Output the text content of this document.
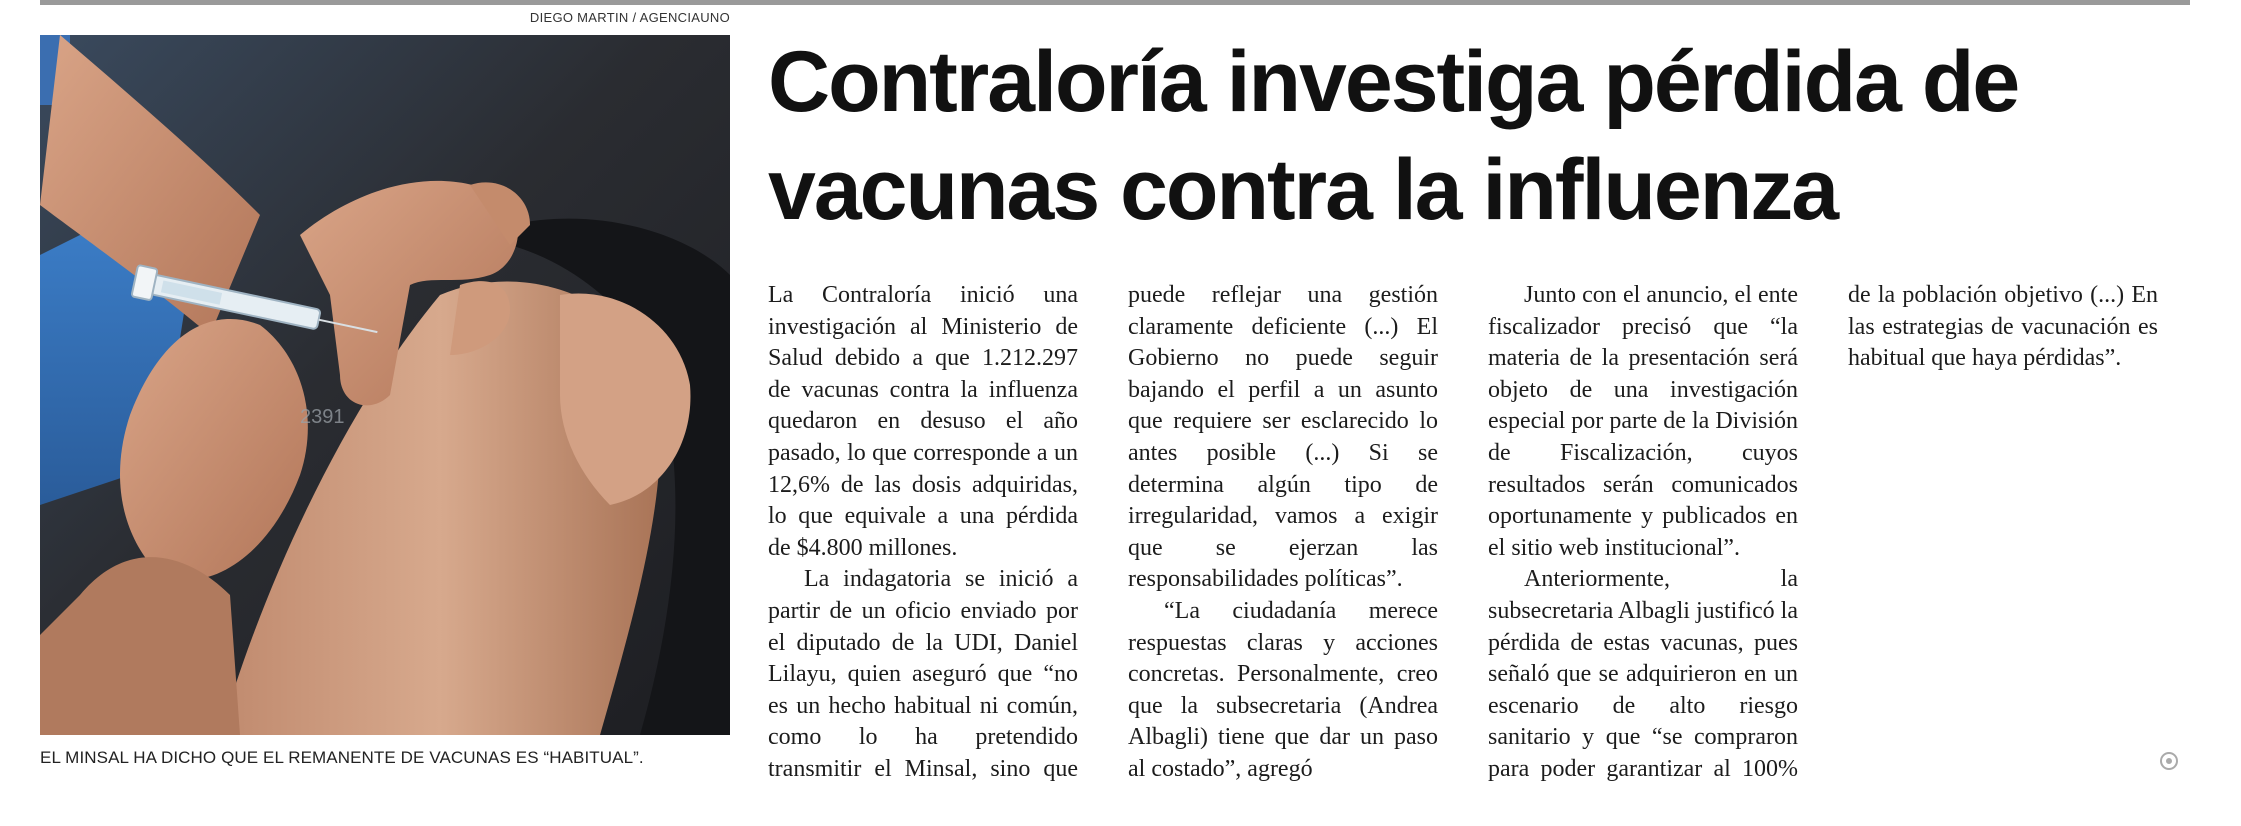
DIEGO MARTIN / AGENCIAUNO
2391
EL MINSAL HA DICHO QUE EL REMANENTE DE VACUNAS ES “HABITUAL”.
Contraloría investiga pérdida de vacunas contra la influenza

La Contraloría inició una investigación al Ministerio de Salud debido a que 1.212.297 de vacunas contra la influenza quedaron en desuso el año pasado, lo que corresponde a un 12,6% de las dosis adquiridas, lo que equivale a una pérdida de $4.800 millones.

La indagatoria se inició a partir de un oficio enviado por el diputado de la UDI, Daniel Lilayu, quien aseguró que “no es un hecho habitual ni común, como lo ha pretendido transmitir el Minsal, sino que puede reflejar una gestión claramente deficiente (...) El Gobierno no puede seguir bajando el perfil a un asunto que requiere ser esclarecido lo antes posible (...) Si se determina algún tipo de irregularidad, vamos a exigir que se ejerzan las responsabilidades políticas”.

“La ciudadanía merece respuestas claras y acciones concretas. Personalmente, creo que la subsecretaria (Andrea Albagli) tiene que dar un paso al costado”, agregó

Junto con el anuncio, el ente fiscalizador precisó que “la materia de la presentación será objeto de una investigación especial por parte de la División de Fiscalización, cuyos resultados serán comunicados oportunamente y publicados en el sitio web institucional”.

Anteriormente, la subsecretaria Albagli justificó la pérdida de estas vacunas, pues señaló que se adquirieron en un escenario de alto riesgo sanitario y que “se compraron para poder garantizar al 100% de la población objetivo (...) En las estrategias de vacunación es habitual que haya pérdidas”.
